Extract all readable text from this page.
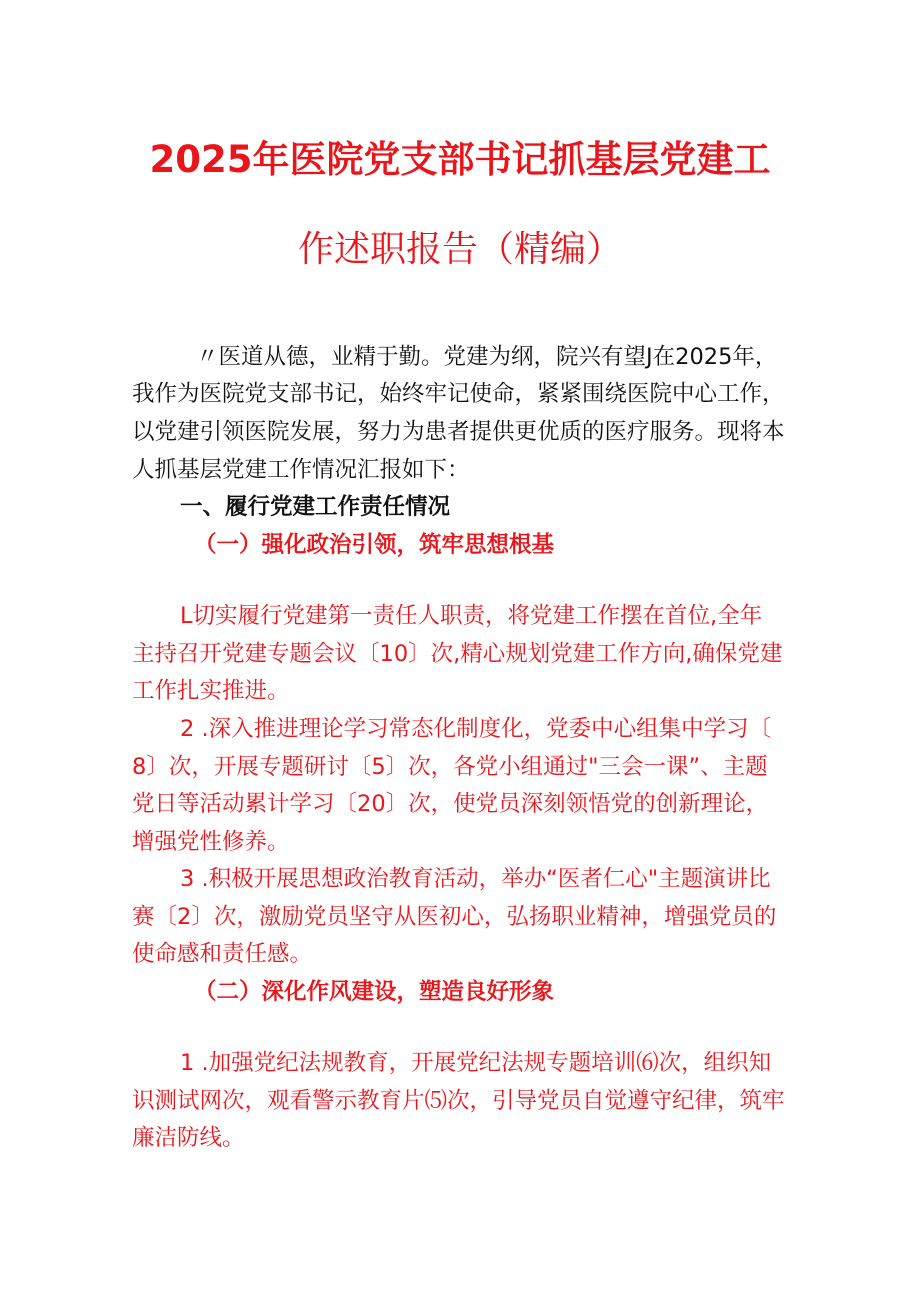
2025年医院党支部书记抓基层党建工
作述职报告（精编）
〃医道从德，业精于勤。党建为纲，院兴有望J在2025年，
我作为医院党支部书记，始终牢记使命，紧紧围绕医院中心工作，
以党建引领医院发展，努力为患者提供更优质的医疗服务。现将本
人抓基层党建工作情况汇报如下：
一、履行党建工作责任情况
（一）强化政治引领，筑牢思想根基
L切实履行党建第一责任人职责，将党建工作摆在首位,全年
主持召开党建专题会议〔10〕次,精心规划党建工作方向,确保党建
工作扎实推进。
2 .深入推进理论学习常态化制度化，党委中心组集中学习〔
8〕次，开展专题研讨〔5〕次，各党小组通过"三会一课”、主题
党日等活动累计学习〔20〕次，使党员深刻领悟党的创新理论，
增强党性修养。
3 .积极开展思想政治教育活动，举办“医者仁心"主题演讲比
赛〔2〕次，激励党员坚守从医初心，弘扬职业精神，增强党员的
使命感和责任感。
（二）深化作风建设，塑造良好形象
1 .加强党纪法规教育，开展党纪法规专题培训⑹次，组织知
识测试网次，观看警示教育片⑸次，引导党员自觉遵守纪律，筑牢
廉洁防线。
